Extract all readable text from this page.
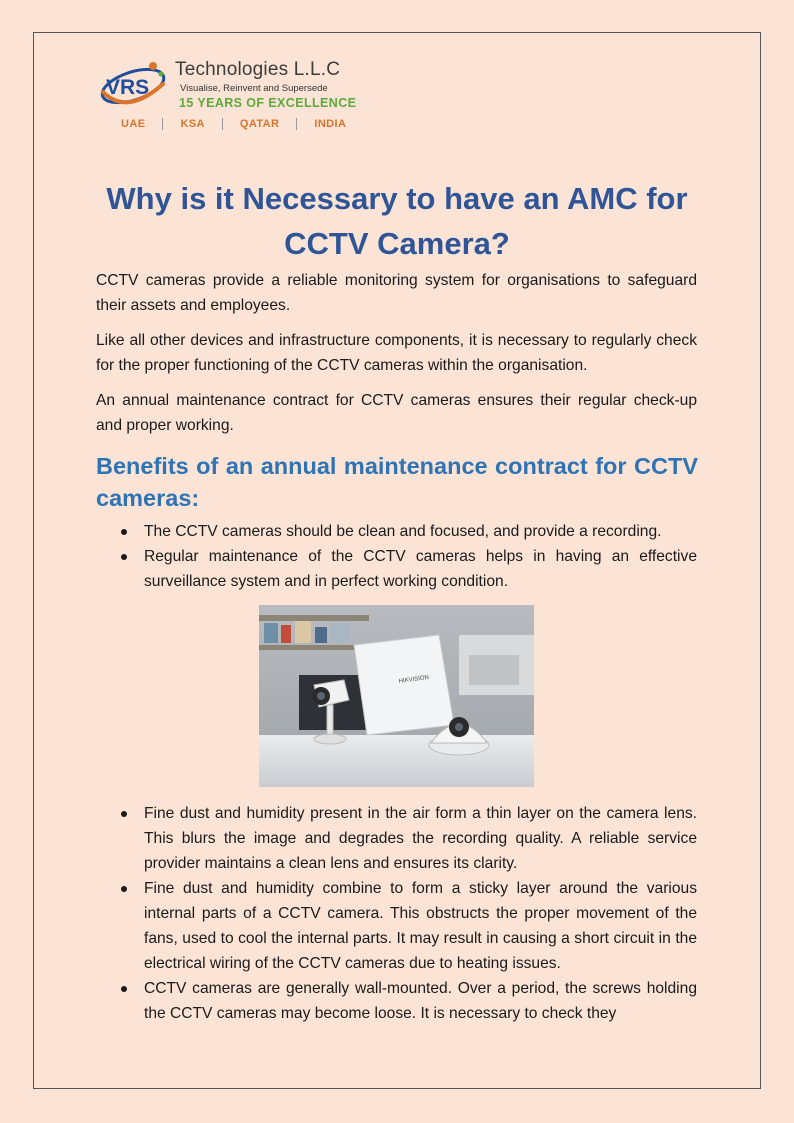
VRS
Technologies L.L.C
Visualise, Reinvent and Supersede
15 YEARS OF EXCELLENCE
UAE	KSA	QATAR	INDIA
Why is it Necessary to have an AMC for CCTV Camera?

CCTV cameras provide a reliable monitoring system for organisations to safeguard their assets and employees.

Like all other devices and infrastructure components, it is necessary to regularly check for the proper functioning of the CCTV cameras within the organisation.

An annual maintenance contract for CCTV cameras ensures their regular check-up and proper working.

Benefits of an annual maintenance contract for CCTV cameras:
The CCTV cameras should be clean and focused, and provide a recording.
Regular maintenance of the CCTV cameras helps in having an effective surveillance system and in perfect working condition.
HIKVISION
Fine dust and humidity present in the air form a thin layer on the camera lens. This blurs the image and degrades the recording quality. A reliable service provider maintains a clean lens and ensures its clarity.
Fine dust and humidity combine to form a sticky layer around the various internal parts of a CCTV camera. This obstructs the proper movement of the fans, used to cool the internal parts. It may result in causing a short circuit in the electrical wiring of the CCTV cameras due to heating issues.
CCTV cameras are generally wall-mounted. Over a period, the screws holding the CCTV cameras may become loose. It is necessary to check they
